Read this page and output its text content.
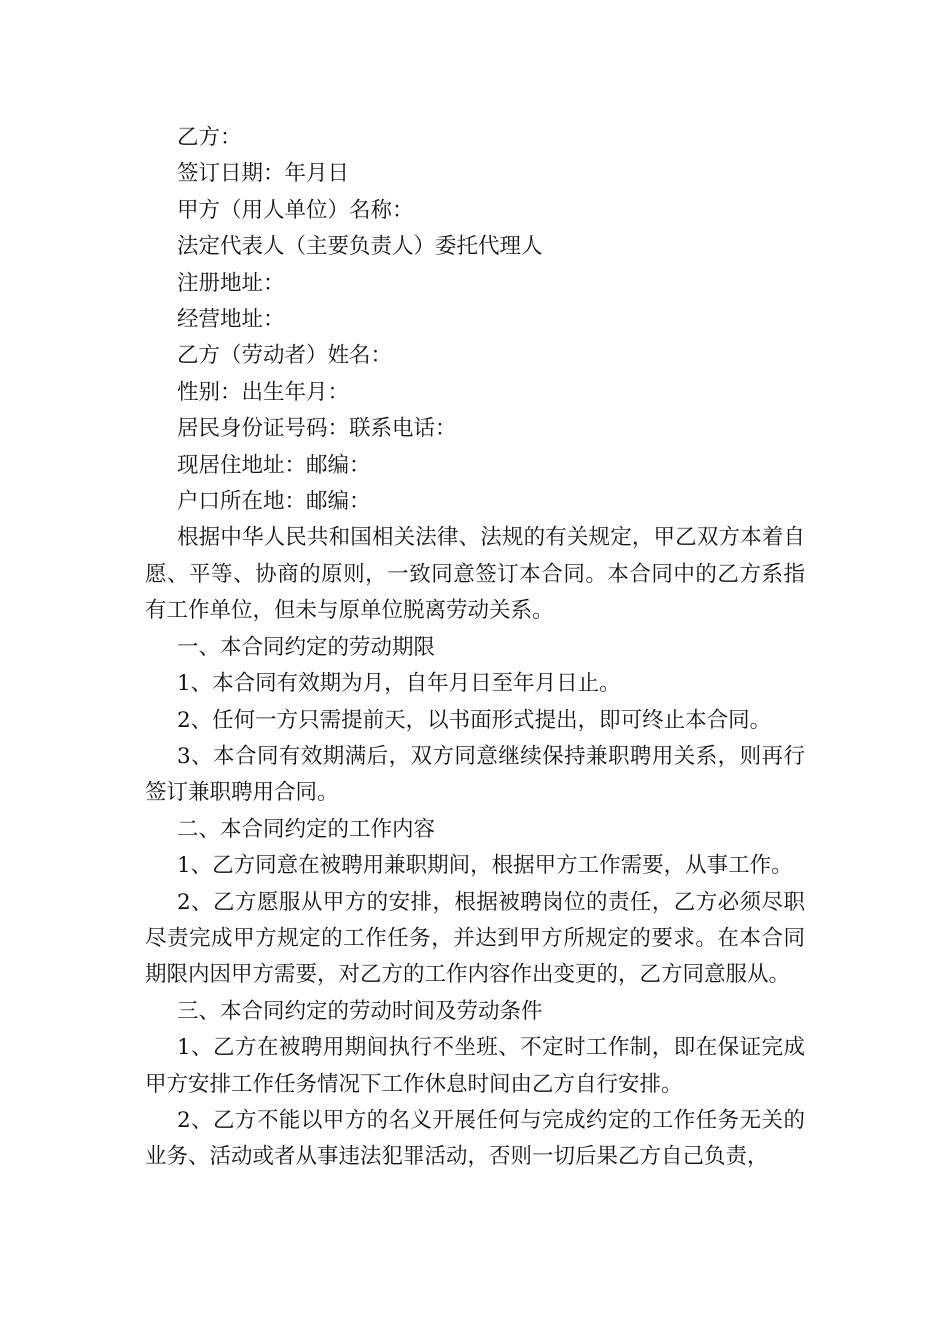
乙方：

签订日期：年月日

甲方（用人单位）名称：

法定代表人（主要负责人）委托代理人

注册地址：

经营地址：

乙方（劳动者）姓名：

性别：出生年月：

居民身份证号码：联系电话：

现居住地址：邮编：

户口所在地：邮编：

根据中华人民共和国相关法律、法规的有关规定，甲乙双方本着自愿、平等、协商的原则，一致同意签订本合同。本合同中的乙方系指有工作单位，但未与原单位脱离劳动关系。

一、本合同约定的劳动期限

1、本合同有效期为月，自年月日至年月日止。

2、任何一方只需提前天，以书面形式提出，即可终止本合同。

3、本合同有效期满后，双方同意继续保持兼职聘用关系，则再行签订兼职聘用合同。

二、本合同约定的工作内容

1、乙方同意在被聘用兼职期间，根据甲方工作需要，从事工作。

2、乙方愿服从甲方的安排，根据被聘岗位的责任，乙方必须尽职尽责完成甲方规定的工作任务，并达到甲方所规定的要求。在本合同期限内因甲方需要，对乙方的工作内容作出变更的，乙方同意服从。

三、本合同约定的劳动时间及劳动条件

1、乙方在被聘用期间执行不坐班、不定时工作制，即在保证完成甲方安排工作任务情况下工作休息时间由乙方自行安排。

2、乙方不能以甲方的名义开展任何与完成约定的工作任务无关的业务、活动或者从事违法犯罪活动，否则一切后果乙方自己负责，
